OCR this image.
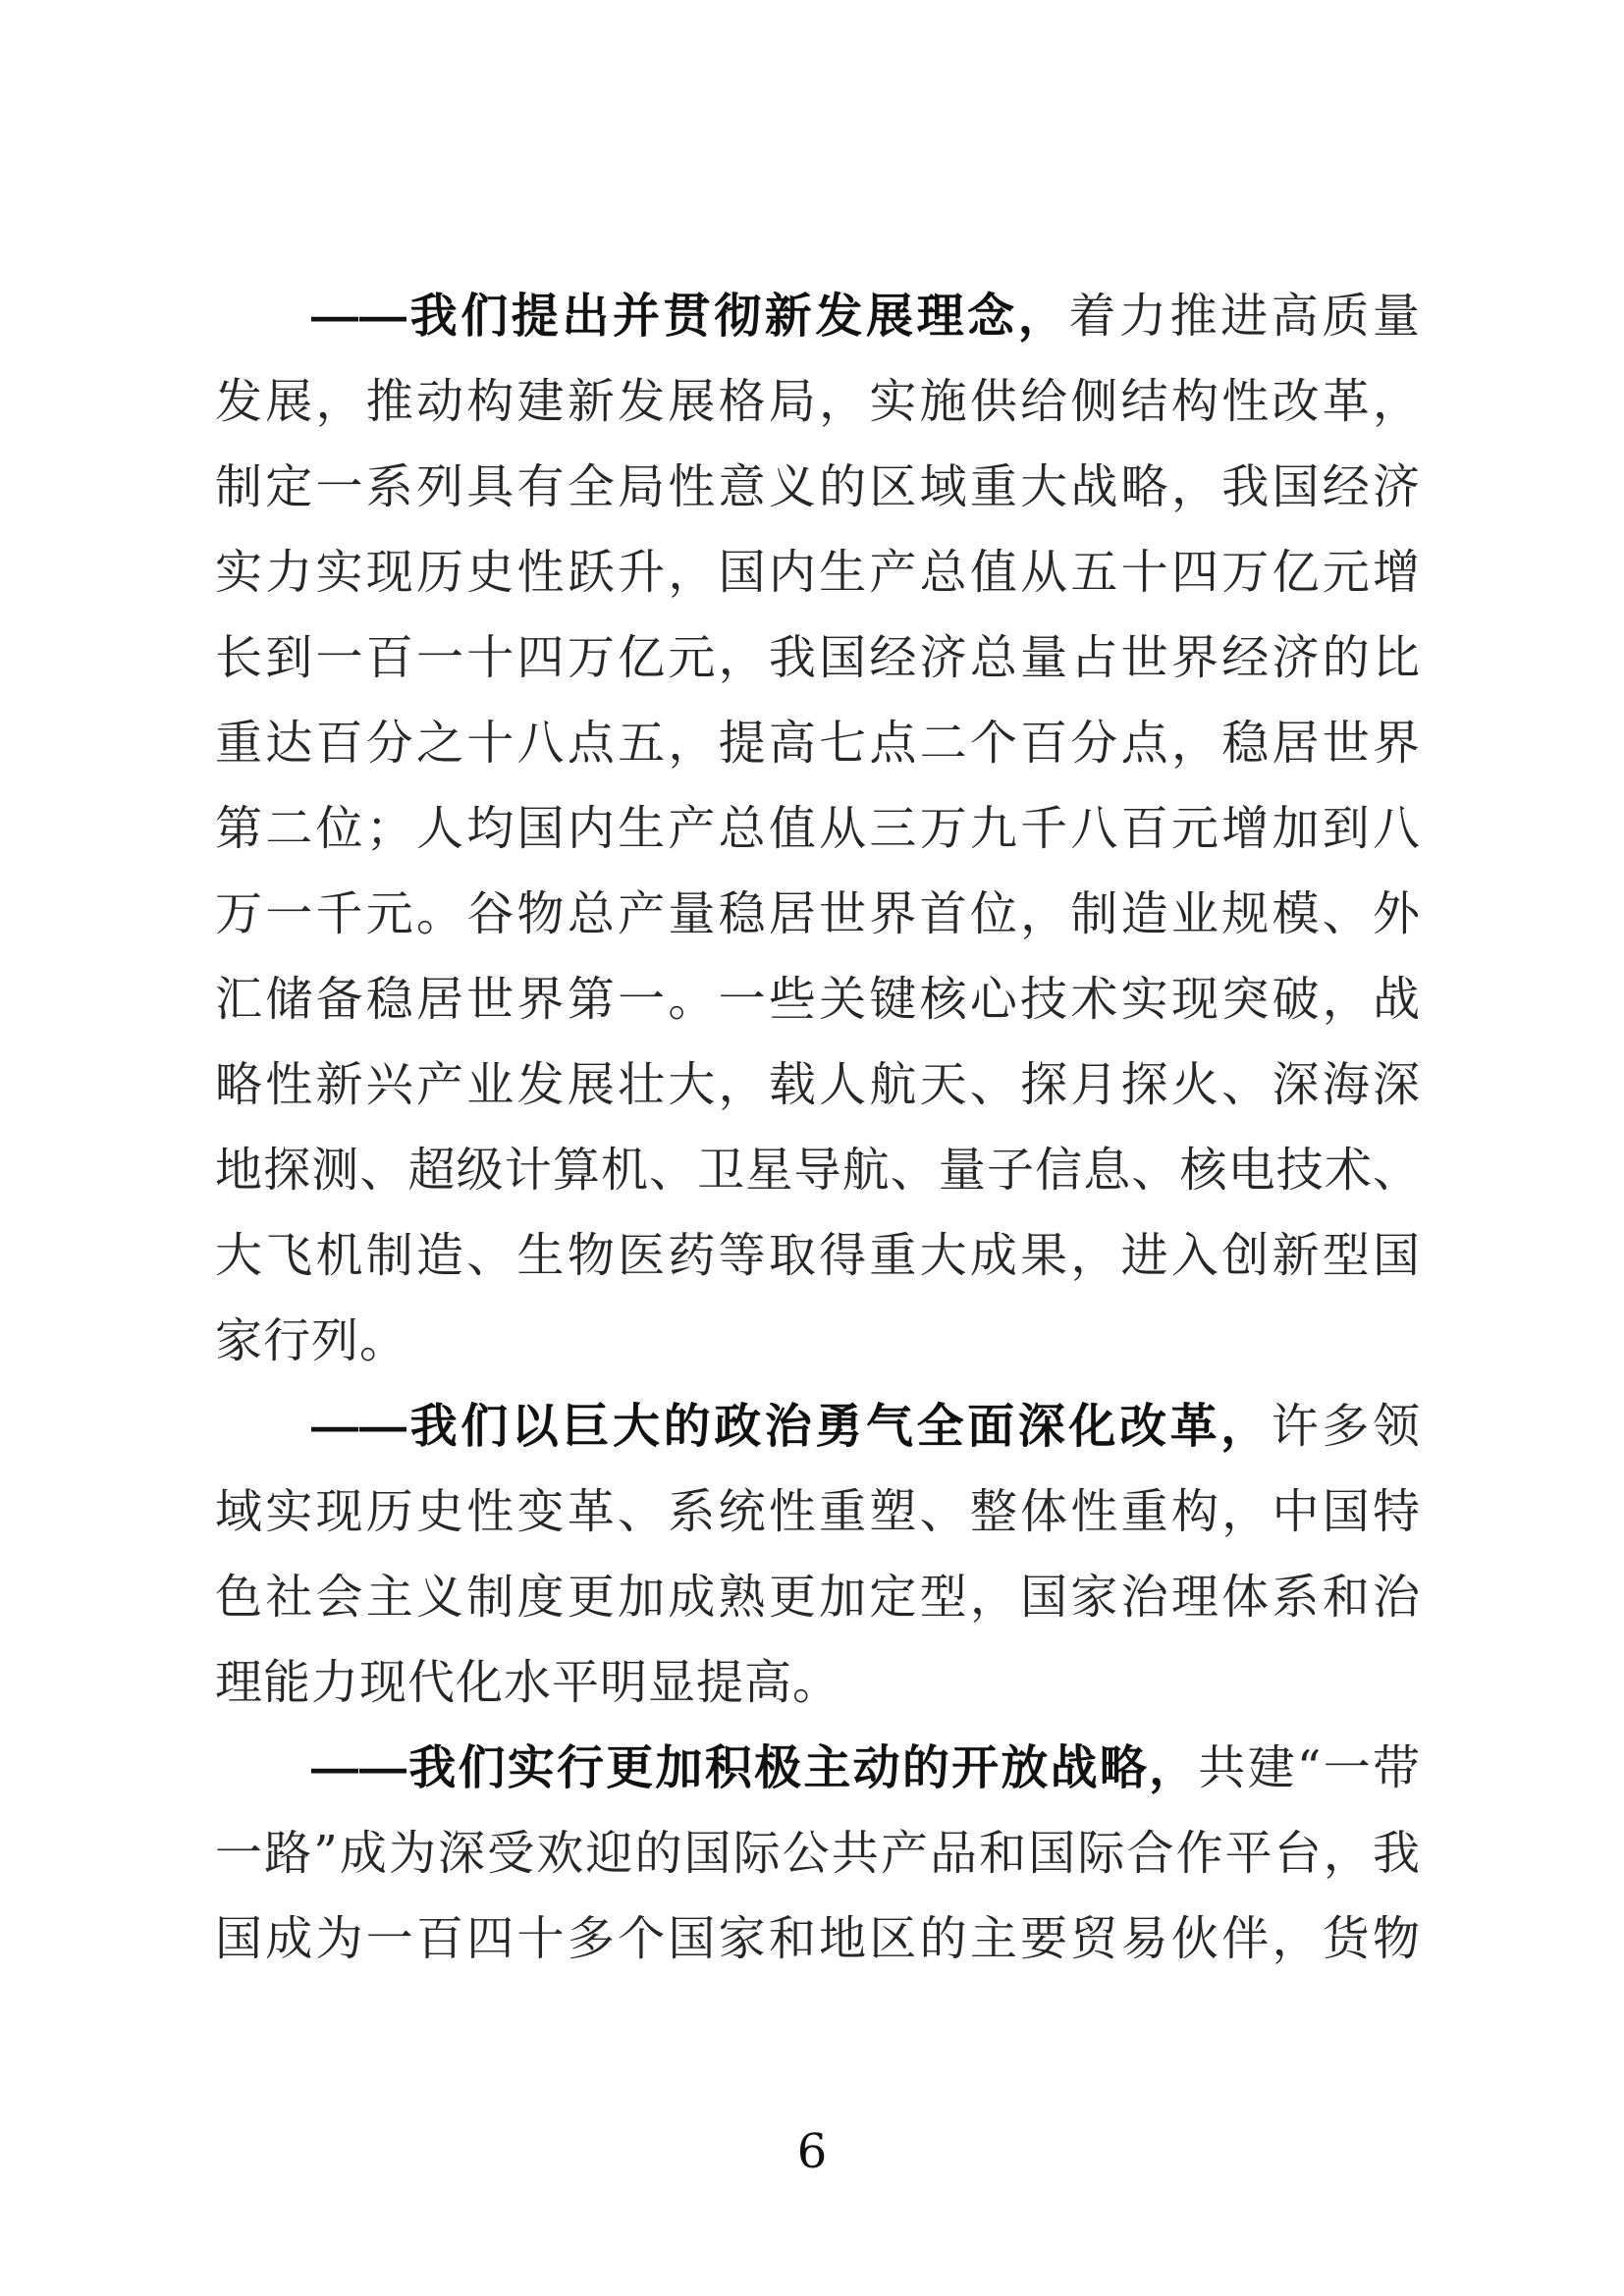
——我们提出并贯彻新发展理念，着力推进高质量
发展，推动构建新发展格局，实施供给侧结构性改革，
制定一系列具有全局性意义的区域重大战略，我国经济
实力实现历史性跃升，国内生产总值从五十四万亿元增
长到一百一十四万亿元，我国经济总量占世界经济的比
重达百分之十八点五，提高七点二个百分点，稳居世界
第二位；人均国内生产总值从三万九千八百元增加到八
万一千元。谷物总产量稳居世界首位，制造业规模、外
汇储备稳居世界第一。一些关键核心技术实现突破，战
略性新兴产业发展壮大，载人航天、探月探火、深海深
地探测、超级计算机、卫星导航、量子信息、核电技术、
大飞机制造、生物医药等取得重大成果，进入创新型国
家行列。
——我们以巨大的政治勇气全面深化改革，许多领
域实现历史性变革、系统性重塑、整体性重构，中国特
色社会主义制度更加成熟更加定型，国家治理体系和治
理能力现代化水平明显提高。
——我们实行更加积极主动的开放战略，共建“一带
一路”成为深受欢迎的国际公共产品和国际合作平台，我
国成为一百四十多个国家和地区的主要贸易伙伴，货物
6
